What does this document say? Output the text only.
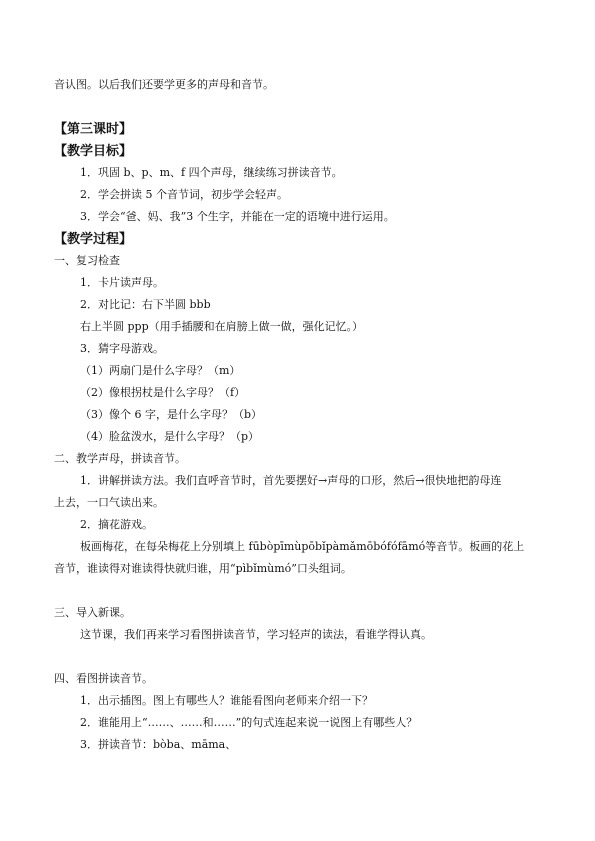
音认图。以后我们还要学更多的声母和音节。
【第三课时】
【教学目标】
1．巩固 b、p、m、f 四个声母，继续练习拼读音节。
2．学会拼读 5 个音节词，初步学会轻声。
3．学会“爸、妈、我”3 个生字，并能在一定的语境中进行运用。
【教学过程】
一、复习检查
1．卡片读声母。
2．对比记：右下半圆 bbb
右上半圆 ppp（用手插腰和在肩膀上做一做，强化记忆。）
3．猜字母游戏。
（1）两扇门是什么字母？（m）
（2）像根拐杖是什么字母？（f）
（3）像个 6 字，是什么字母？（b）
（4）脸盆泼水，是什么字母？（p）
二、教学声母，拼读音节。
1．讲解拼读方法。我们直呼音节时，首先要摆好→声母的口形，然后→很快地把韵母连
上去，一口气读出来。
2．摘花游戏。
板画梅花，在每朵梅花上分别填上 fūbòpīmùpōbǐpàmǎmōbófófāmó等音节。板画的花上
音节，谁读得对谁读得快就归谁，用“pìbǐmùmó”口头组词。
三、导入新课。
这节课，我们再来学习看图拼读音节，学习轻声的读法，看谁学得认真。
四、看图拼读音节。
1．出示插图。图上有哪些人？谁能看图向老师来介绍一下？
2．谁能用上“……、……和……”的句式连起来说一说图上有哪些人？
3．拼读音节：bòba、māma、
